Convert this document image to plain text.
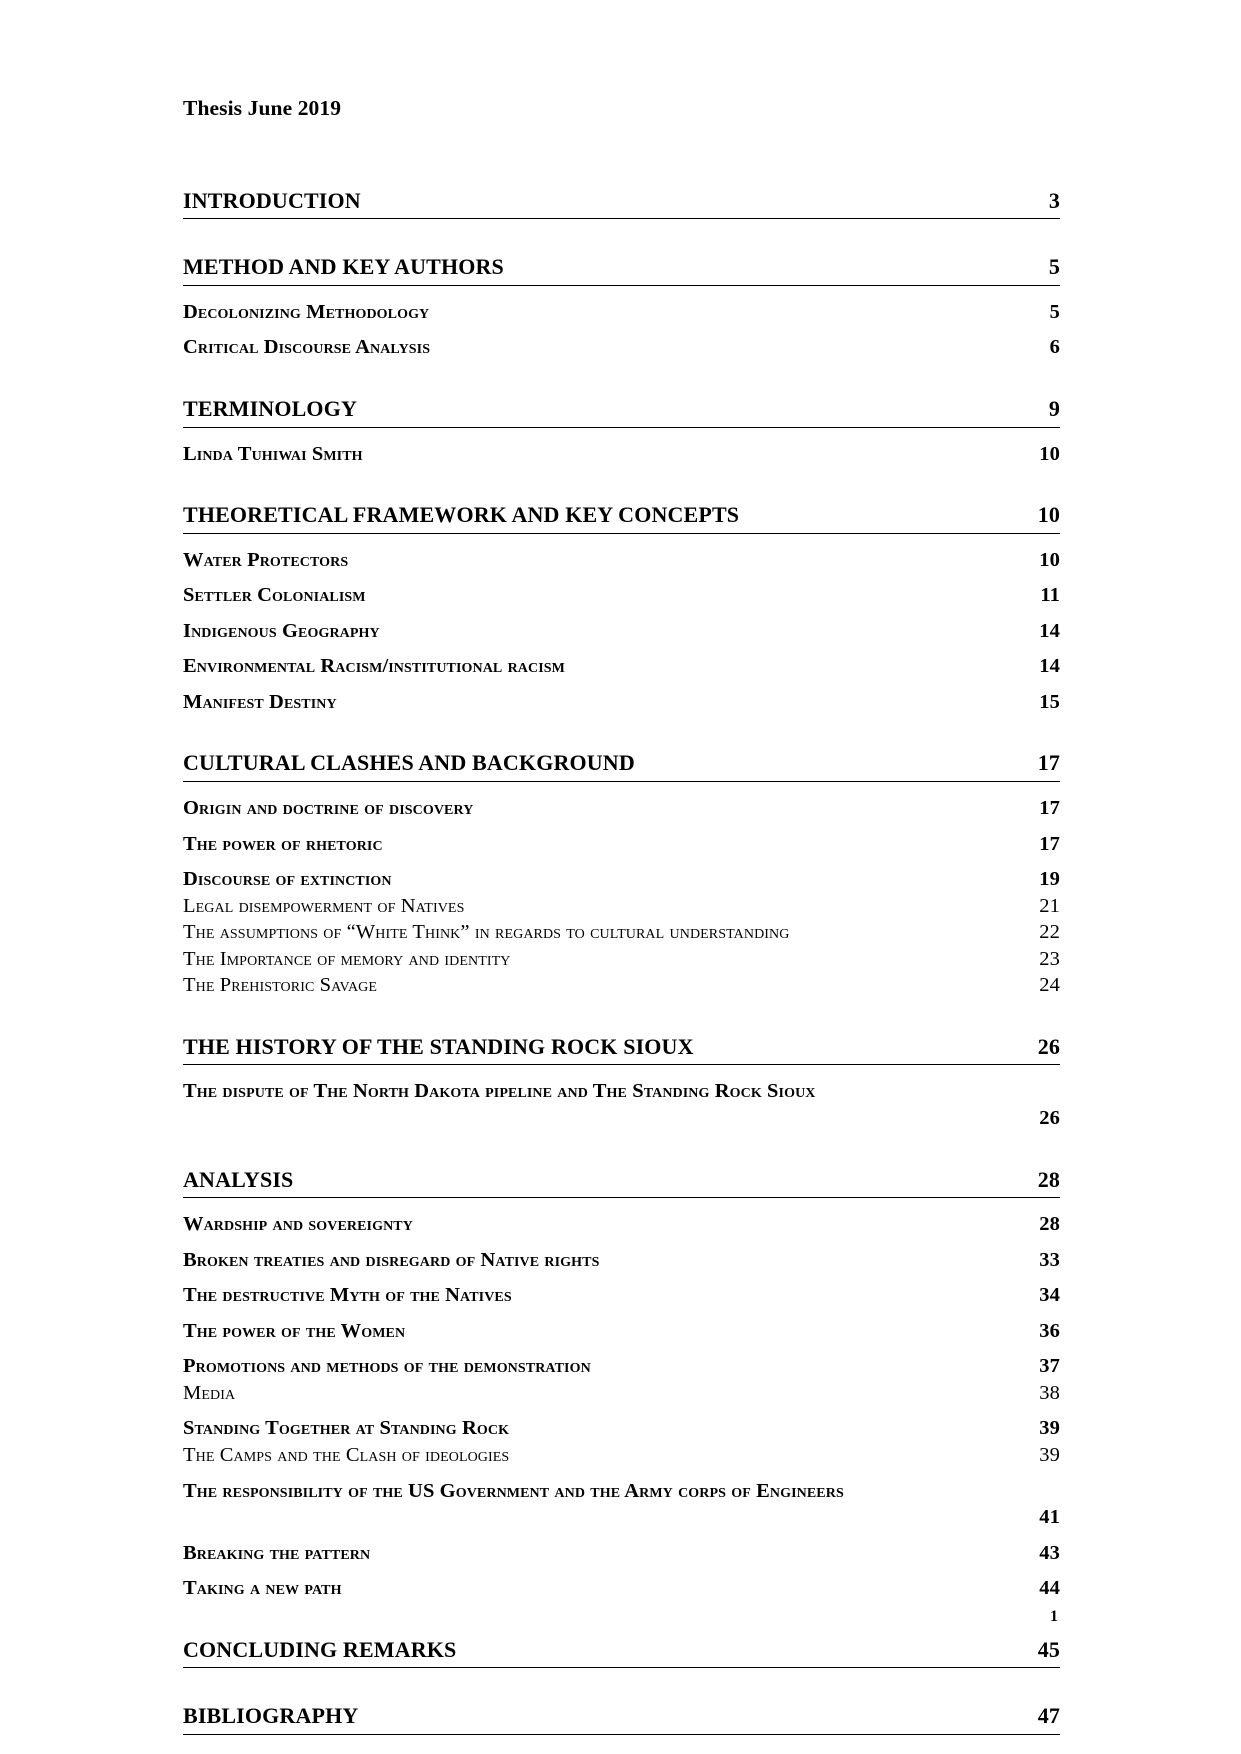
Thesis June 2019
INTRODUCTION	3
METHOD AND KEY AUTHORS	5
Decolonizing Methodology	5
Critical Discourse Analysis	6
TERMINOLOGY	9
Linda Tuhiwai Smith	10
THEORETICAL FRAMEWORK AND KEY CONCEPTS	10
Water Protectors	10
Settler Colonialism	11
Indigenous Geography	14
Environmental Racism/institutional racism	14
Manifest Destiny	15
CULTURAL CLASHES AND BACKGROUND	17
Origin and doctrine of discovery	17
The power of rhetoric	17
Discourse of extinction	19
Legal disempowerment of Natives	21
The assumptions of “White Think” in regards to cultural understanding	22
The Importance of memory and identity	23
The Prehistoric Savage	24
THE HISTORY OF THE STANDING ROCK SIOUX	26
The dispute of The North Dakota pipeline and The Standing Rock Sioux
26
ANALYSIS	28
Wardship and sovereignty	28
Broken treaties and disregard of Native rights	33
The destructive Myth of the Natives	34
The power of the Women	36
Promotions and methods of the demonstration	37
Media	38
Standing Together at Standing Rock	39
The Camps and the Clash of ideologies	39
The responsibility of the US Government and the Army corps of Engineers
41
Breaking the pattern	43
Taking a new path	44
CONCLUDING REMARKS	45
BIBLIOGRAPHY	47
1
